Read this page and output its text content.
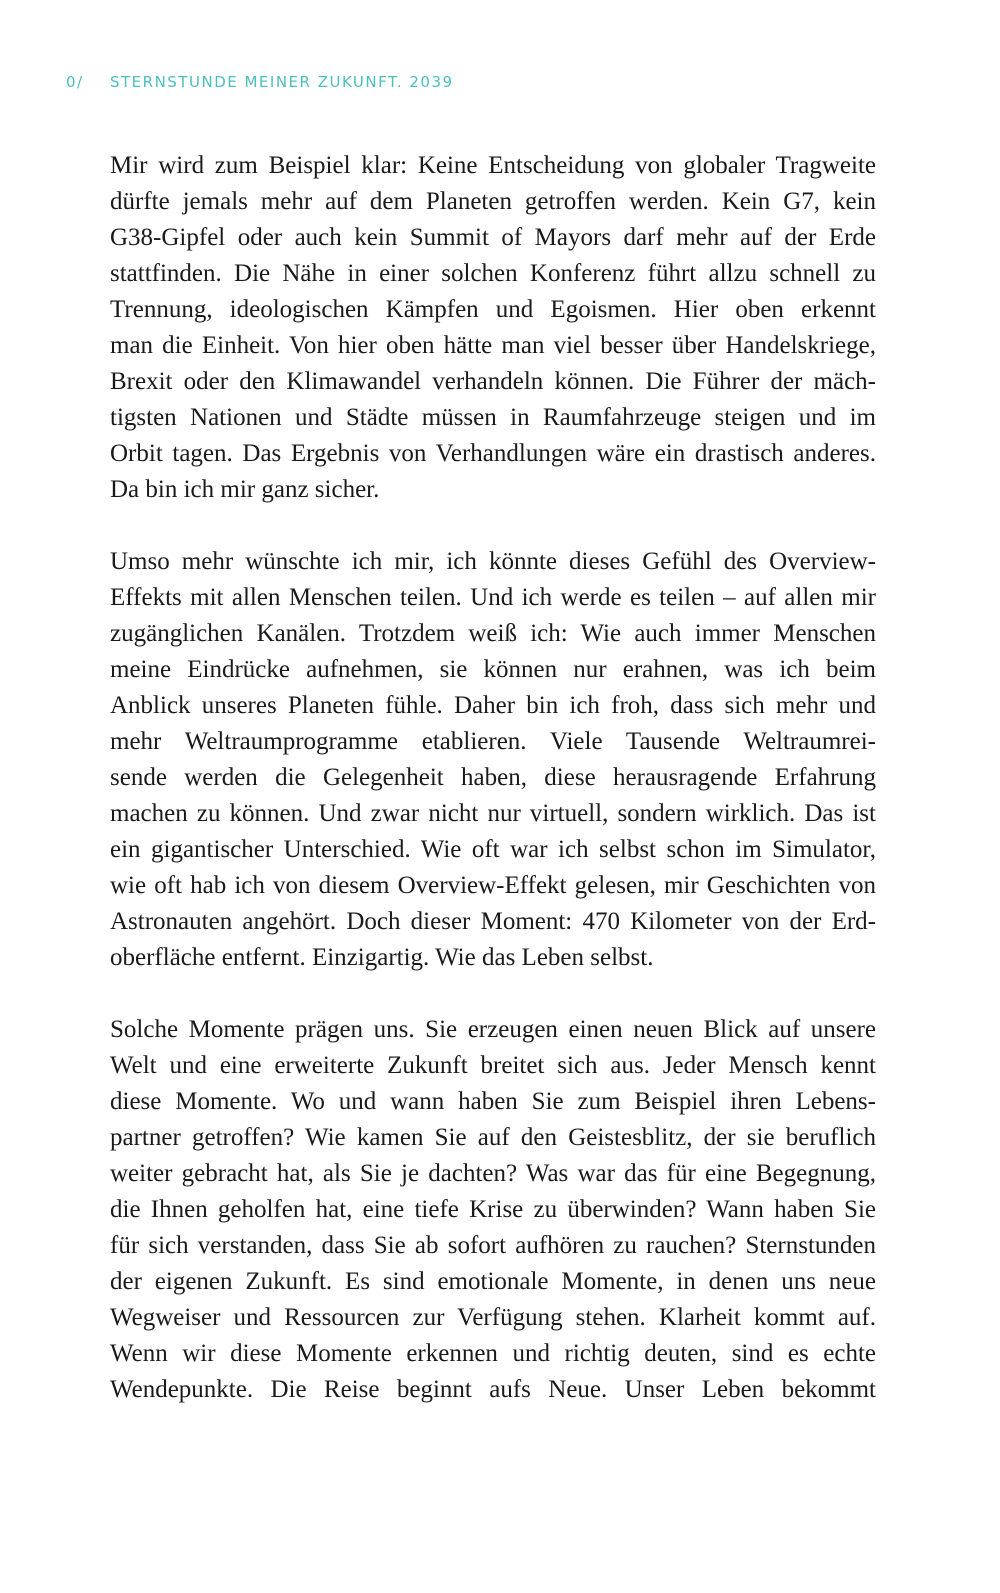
0/	STERNSTUNDE MEINER ZUKUNFT. 2039
Mir wird zum Beispiel klar: Keine Entscheidung von globaler Tragweite
dürfte jemals mehr auf dem Planeten getroffen werden. Kein G7, kein
G38-Gipfel oder auch kein Summit of Mayors darf mehr auf der Erde
stattfinden. Die Nähe in einer solchen Konferenz führt allzu schnell zu
Trennung, ideologischen Kämpfen und Egoismen. Hier oben erkennt
man die Einheit. Von hier oben hätte man viel besser über Handelskriege,
Brexit oder den Klimawandel verhandeln können. Die Führer der mäch-
tigsten Nationen und Städte müssen in Raumfahrzeuge steigen und im
Orbit tagen. Das Ergebnis von Verhandlungen wäre ein drastisch anderes.
Da bin ich mir ganz sicher.
Umso mehr wünschte ich mir, ich könnte dieses Gefühl des Overview-
Effekts mit allen Menschen teilen. Und ich werde es teilen – auf allen mir
zugänglichen Kanälen. Trotzdem weiß ich: Wie auch immer Menschen
meine Eindrücke aufnehmen, sie können nur erahnen, was ich beim
Anblick unseres Planeten fühle. Daher bin ich froh, dass sich mehr und
mehr Weltraumprogramme etablieren. Viele Tausende Weltraumrei-
sende werden die Gelegenheit haben, diese herausragende Erfahrung
machen zu können. Und zwar nicht nur virtuell, sondern wirklich. Das ist
ein gigantischer Unterschied. Wie oft war ich selbst schon im Simulator,
wie oft hab ich von diesem Overview-Effekt gelesen, mir Geschichten von
Astronauten angehört. Doch dieser Moment: 470 Kilometer von der Erd-
oberfläche entfernt. Einzigartig. Wie das Leben selbst.
Solche Momente prägen uns. Sie erzeugen einen neuen Blick auf unsere
Welt und eine erweiterte Zukunft breitet sich aus. Jeder Mensch kennt
diese Momente. Wo und wann haben Sie zum Beispiel ihren Lebens-
partner getroffen? Wie kamen Sie auf den Geistesblitz, der sie beruflich
weiter gebracht hat, als Sie je dachten? Was war das für eine Begegnung,
die Ihnen geholfen hat, eine tiefe Krise zu überwinden? Wann haben Sie
für sich verstanden, dass Sie ab sofort aufhören zu rauchen? Sternstunden
der eigenen Zukunft. Es sind emotionale Momente, in denen uns neue
Wegweiser und Ressourcen zur Verfügung stehen. Klarheit kommt auf.
Wenn wir diese Momente erkennen und richtig deuten, sind es echte
Wendepunkte. Die Reise beginnt aufs Neue. Unser Leben bekommt
